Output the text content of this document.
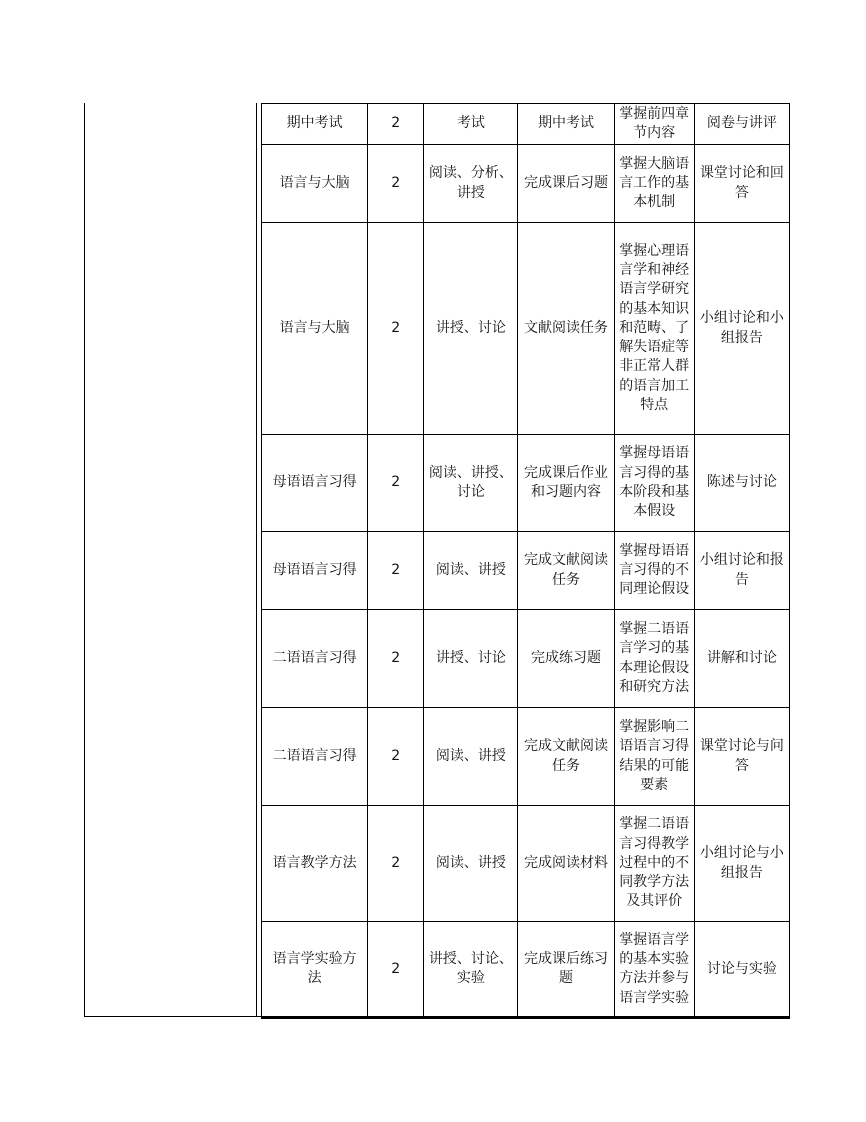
期中考试	2	考试	期中考试	掌握前四章节内容	阅卷与讲评
语言与大脑	2	阅读、分析、讲授	完成课后习题	掌握大脑语言工作的基本机制	课堂讨论和回答
语言与大脑	2	讲授、讨论	文献阅读任务	掌握心理语言学和神经语言学研究的基本知识和范畴、了解失语症等非正常人群的语言加工特点	小组讨论和小组报告
母语语言习得	2	阅读、讲授、讨论	完成课后作业和习题内容	掌握母语语言习得的基本阶段和基本假设	陈述与讨论
母语语言习得	2	阅读、讲授	完成文献阅读任务	掌握母语语言习得的不同理论假设	小组讨论和报告
二语语言习得	2	讲授、讨论	完成练习题	掌握二语语言学习的基本理论假设和研究方法	讲解和讨论
二语语言习得	2	阅读、讲授	完成文献阅读任务	掌握影响二语语言习得结果的可能要素	课堂讨论与问答
语言教学方法	2	阅读、讲授	完成阅读材料	掌握二语语言习得教学过程中的不同教学方法及其评价	小组讨论与小组报告
语言学实验方法	2	讲授、讨论、实验	完成课后练习题	掌握语言学的基本实验方法并参与语言学实验	讨论与实验
